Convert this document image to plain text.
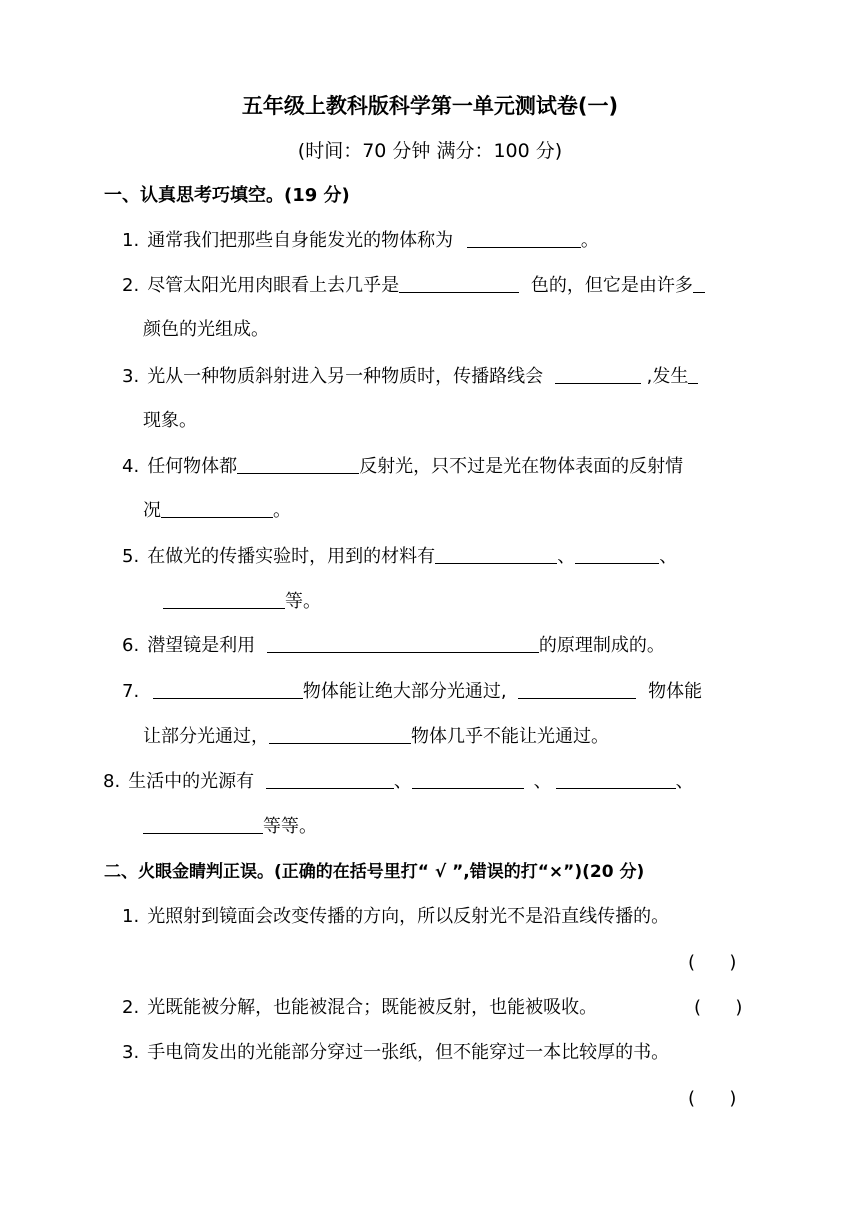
五年级上教科版科学第一单元测试卷(一)
(时间：70 分钟 满分：100 分)
一、认真思考巧填空。(19 分)
1. 通常我们把那些自身能发光的物体称为	。
2. 尽管太阳光用肉眼看上去几乎是	色的，但它是由许多
颜色的光组成。
3. 光从一种物质斜射进入另一种物质时，传播路线会	,发生
现象。
4. 任何物体都	反射光，只不过是光在物体表面的反射情
况	。
5. 在做光的传播实验时，用到的材料有	、	、
等。
6. 潜望镜是利用	的原理制成的。
7.	物体能让绝大部分光通过,	物体能
让部分光通过，	物体几乎不能让光通过。
8. 生活中的光源有	、	、	、
等等。
二、火眼金睛判正误。(正确的在括号里打“ √ ”,错误的打“×”)(20 分)
1. 光照射到镜面会改变传播的方向，所以反射光不是沿直线传播的。
(      )
2. 光既能被分解，也能被混合；既能被反射，也能被吸收。	(      )
3. 手电筒发出的光能部分穿过一张纸，但不能穿过一本比较厚的书。
(      )
